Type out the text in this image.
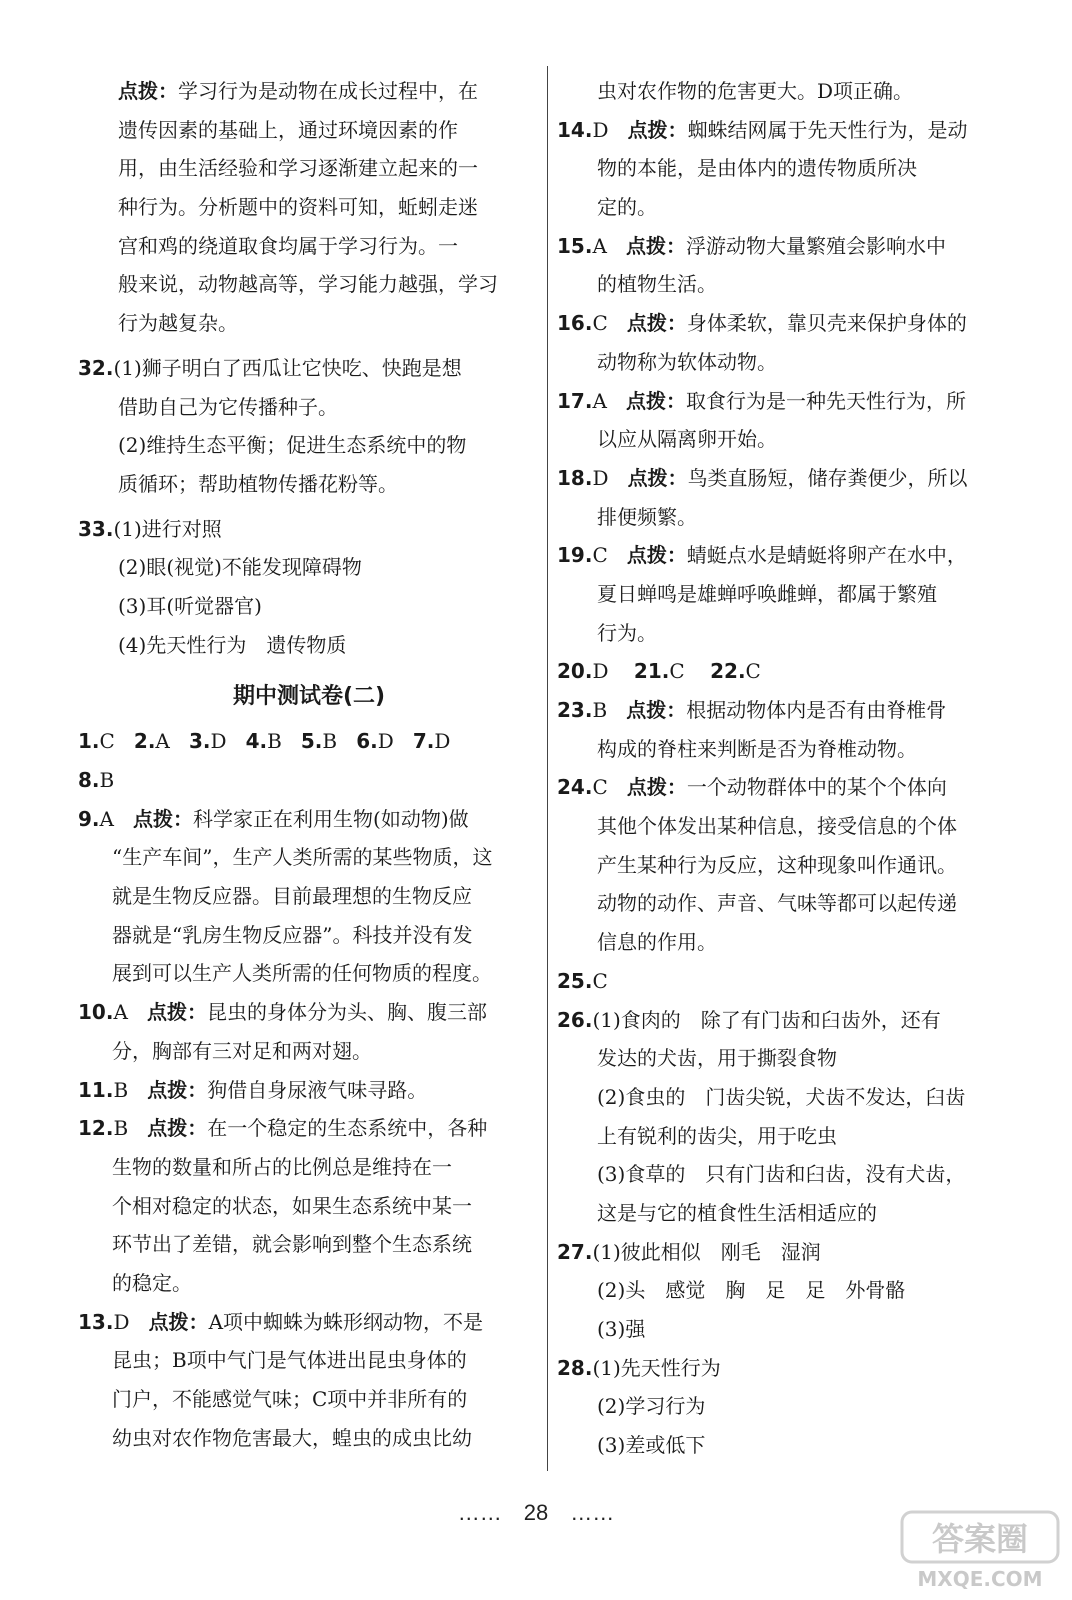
点拨：学习行为是动物在成长过程中，在
遗传因素的基础上，通过环境因素的作
用，由生活经验和学习逐渐建立起来的一
种行为。分析题中的资料可知，蚯蚓走迷
宫和鸡的绕道取食均属于学习行为。一
般来说，动物越高等，学习能力越强，学习
行为越复杂。
32.(1)狮子明白了西瓜让它快吃、快跑是想
借助自己为它传播种子。
(2)维持生态平衡；促进生态系统中的物
质循环；帮助植物传播花粉等。
33.(1)进行对照
(2)眼(视觉)不能发现障碍物
(3)耳(听觉器官)
(4)先天性行为　遗传物质
期中测试卷(二)
1.C 2.A 3.D 4.B 5.B 6.D 7.D
8.B
9.A 点拨：科学家正在利用生物(如动物)做
“生产车间”，生产人类所需的某些物质，这
就是生物反应器。目前最理想的生物反应
器就是“乳房生物反应器”。科技并没有发
展到可以生产人类所需的任何物质的程度。
10.A 点拨：昆虫的身体分为头、胸、腹三部
分，胸部有三对足和两对翅。
11.B 点拨：狗借自身尿液气味寻路。
12.B 点拨：在一个稳定的生态系统中，各种
生物的数量和所占的比例总是维持在一
个相对稳定的状态，如果生态系统中某一
环节出了差错，就会影响到整个生态系统
的稳定。
13.D 点拨：A项中蜘蛛为蛛形纲动物，不是
昆虫；B项中气门是气体进出昆虫身体的
门户，不能感觉气味；C项中并非所有的
幼虫对农作物危害最大，蝗虫的成虫比幼
虫对农作物的危害更大。D项正确。
14.D 点拨：蜘蛛结网属于先天性行为，是动
物的本能，是由体内的遗传物质所决
定的。
15.A 点拨：浮游动物大量繁殖会影响水中
的植物生活。
16.C 点拨：身体柔软，靠贝壳来保护身体的
动物称为软体动物。
17.A 点拨：取食行为是一种先天性行为，所
以应从隔离卵开始。
18.D 点拨：鸟类直肠短，储存粪便少，所以
排便频繁。
19.C 点拨：蜻蜓点水是蜻蜓将卵产在水中，
夏日蝉鸣是雄蝉呼唤雌蝉，都属于繁殖
行为。
20.D 21.C 22.C
23.B 点拨：根据动物体内是否有由脊椎骨
构成的脊柱来判断是否为脊椎动物。
24.C 点拨：一个动物群体中的某个个体向
其他个体发出某种信息，接受信息的个体
产生某种行为反应，这种现象叫作通讯。
动物的动作、声音、气味等都可以起传递
信息的作用。
25.C
26.(1)食肉的　除了有门齿和臼齿外，还有
发达的犬齿，用于撕裂食物
(2)食虫的　门齿尖锐，犬齿不发达，臼齿
上有锐利的齿尖，用于吃虫
(3)食草的　只有门齿和臼齿，没有犬齿，
这是与它的植食性生活相适应的
27.(1)彼此相似　刚毛　湿润
(2)头　感觉　胸　足　足　外骨骼
(3)强
28.(1)先天性行为
(2)学习行为
(3)差或低下
……　28　……
答案圈
MXQE.COM
